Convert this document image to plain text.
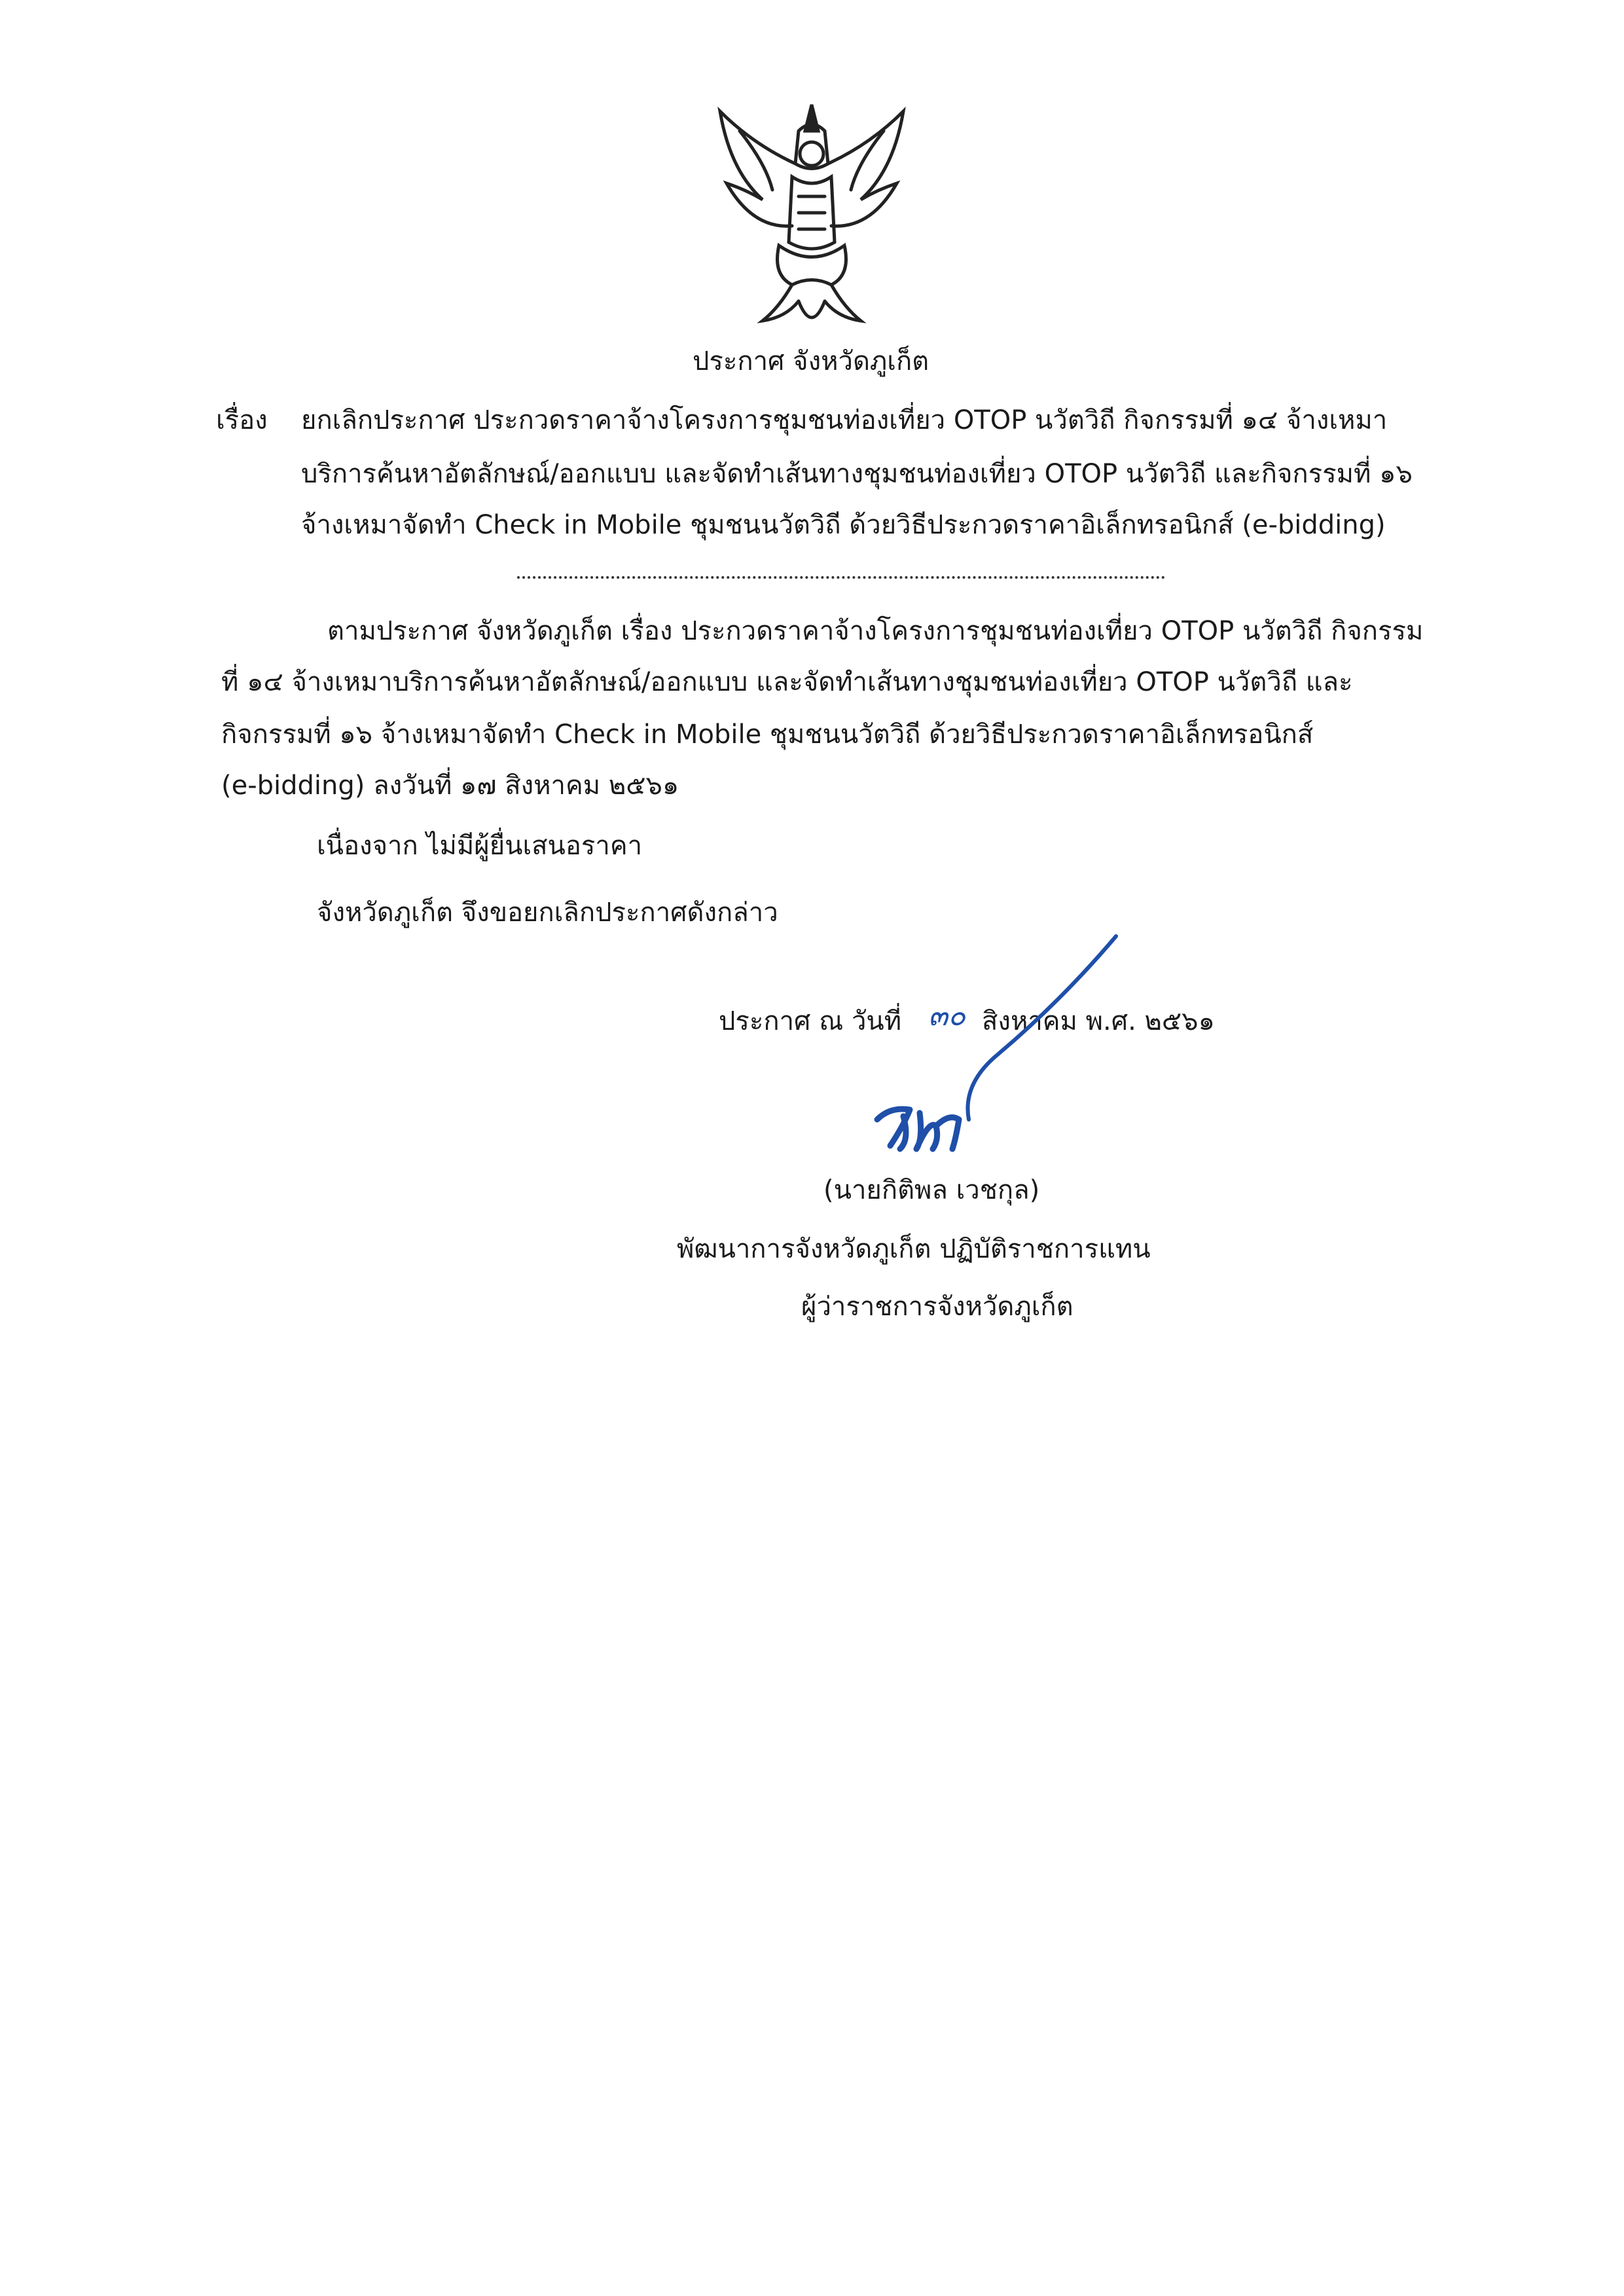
ประกาศ จังหวัดภูเก็ต
เรื่อง ยกเลิกประกาศ ประกวดราคาจ้างโครงการชุมชนท่องเที่ยว OTOP นวัตวิถี กิจกรรมที่ ๑๔ จ้างเหมา
บริการค้นหาอัตลักษณ์/ออกแบบ และจัดทำเส้นทางชุมชนท่องเที่ยว OTOP นวัตวิถี และกิจกรรมที่ ๑๖
จ้างเหมาจัดทำ Check in Mobile ชุมชนนวัตวิถี ด้วยวิธีประกวดราคาอิเล็กทรอนิกส์ (e-bidding)
ตามประกาศ จังหวัดภูเก็ต เรื่อง ประกวดราคาจ้างโครงการชุมชนท่องเที่ยว OTOP นวัตวิถี กิจกรรม
ที่ ๑๔ จ้างเหมาบริการค้นหาอัตลักษณ์/ออกแบบ และจัดทำเส้นทางชุมชนท่องเที่ยว OTOP นวัตวิถี และ
กิจกรรมที่ ๑๖ จ้างเหมาจัดทำ Check in Mobile ชุมชนนวัตวิถี ด้วยวิธีประกวดราคาอิเล็กทรอนิกส์
(e-bidding) ลงวันที่ ๑๗ สิงหาคม ๒๕๖๑
เนื่องจาก ไม่มีผู้ยื่นเสนอราคา
จังหวัดภูเก็ต จึงขอยกเลิกประกาศดังกล่าว
ประกาศ ณ วันที่ ๓๐ สิงหาคม พ.ศ. ๒๕๖๑
(นายกิติพล เวชกุล)
พัฒนาการจังหวัดภูเก็ต ปฏิบัติราชการแทน
ผู้ว่าราชการจังหวัดภูเก็ต
